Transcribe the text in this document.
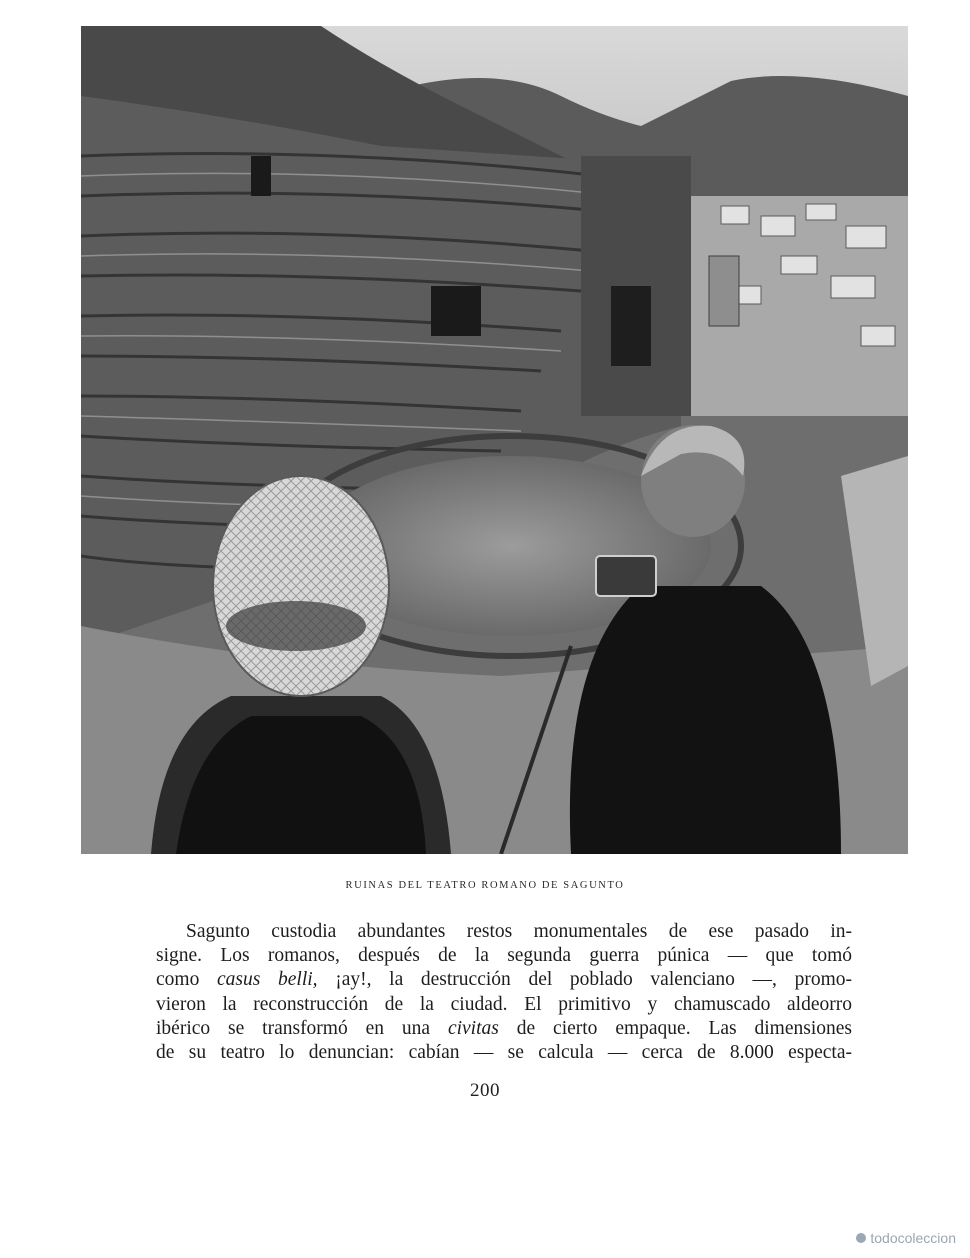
RUINAS DEL TEATRO ROMANO DE SAGUNTO
Sagunto custodia abundantes restos monumentales de ese pasado in-
signe. Los romanos, después de la segunda guerra púnica — que tomó
como casus belli, ¡ay!, la destrucción del poblado valenciano —, promo-
vieron la reconstrucción de la ciudad. El primitivo y chamuscado aldeorro
ibérico se transformó en una civitas de cierto empaque. Las dimensiones
de su teatro lo denuncian: cabían — se calcula — cerca de 8.000 especta-
200
todocoleccion
